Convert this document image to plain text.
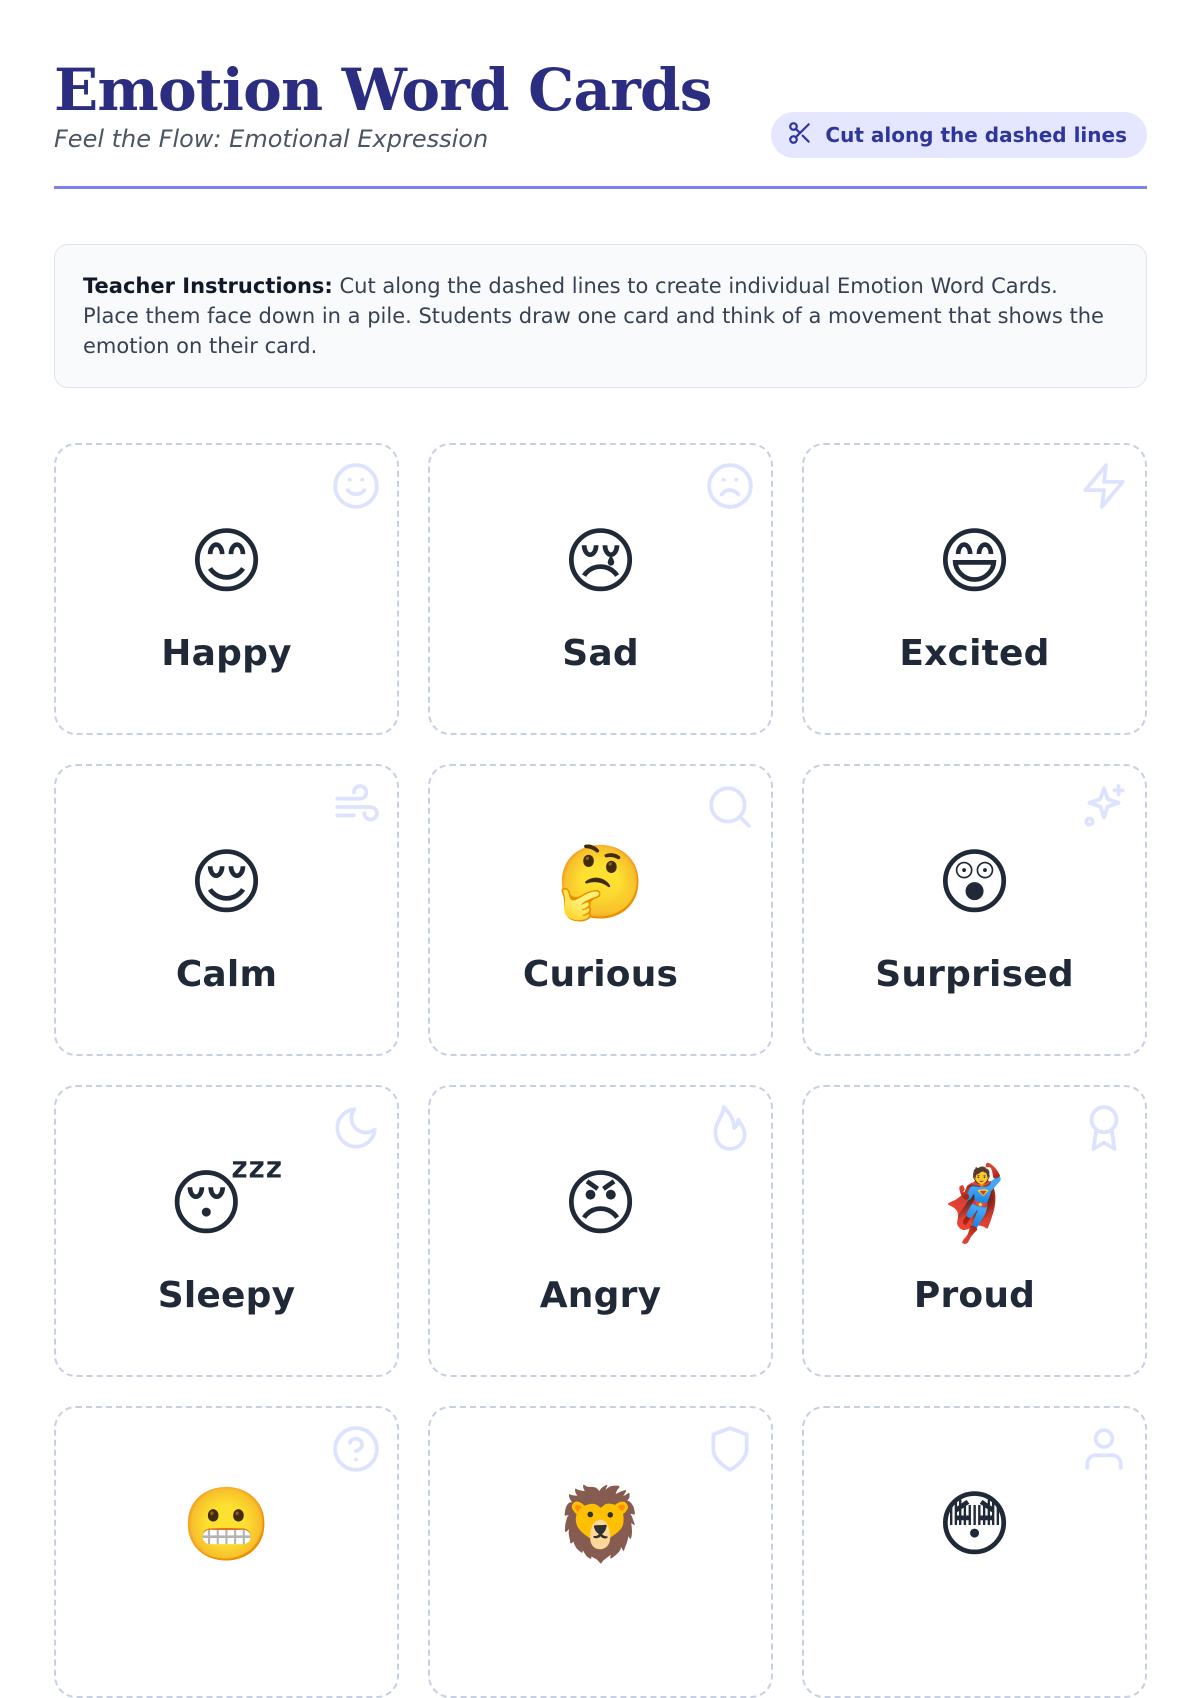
Emotion Word Cards

Feel the Flow: Emotional Expression	Cut along the dashed lines
Teacher Instructions: Cut along the dashed lines to create individual Emotion Word Cards. Place them face down in a pile. Students draw one card and think of a movement that shows the emotion on their card.
😊
Happy
😢
Sad
😄
Excited
😌
Calm
🤔
Curious
😲
Surprised
😴
Sleepy
😠
Angry
🦸
Proud
😬	🦁	😳
